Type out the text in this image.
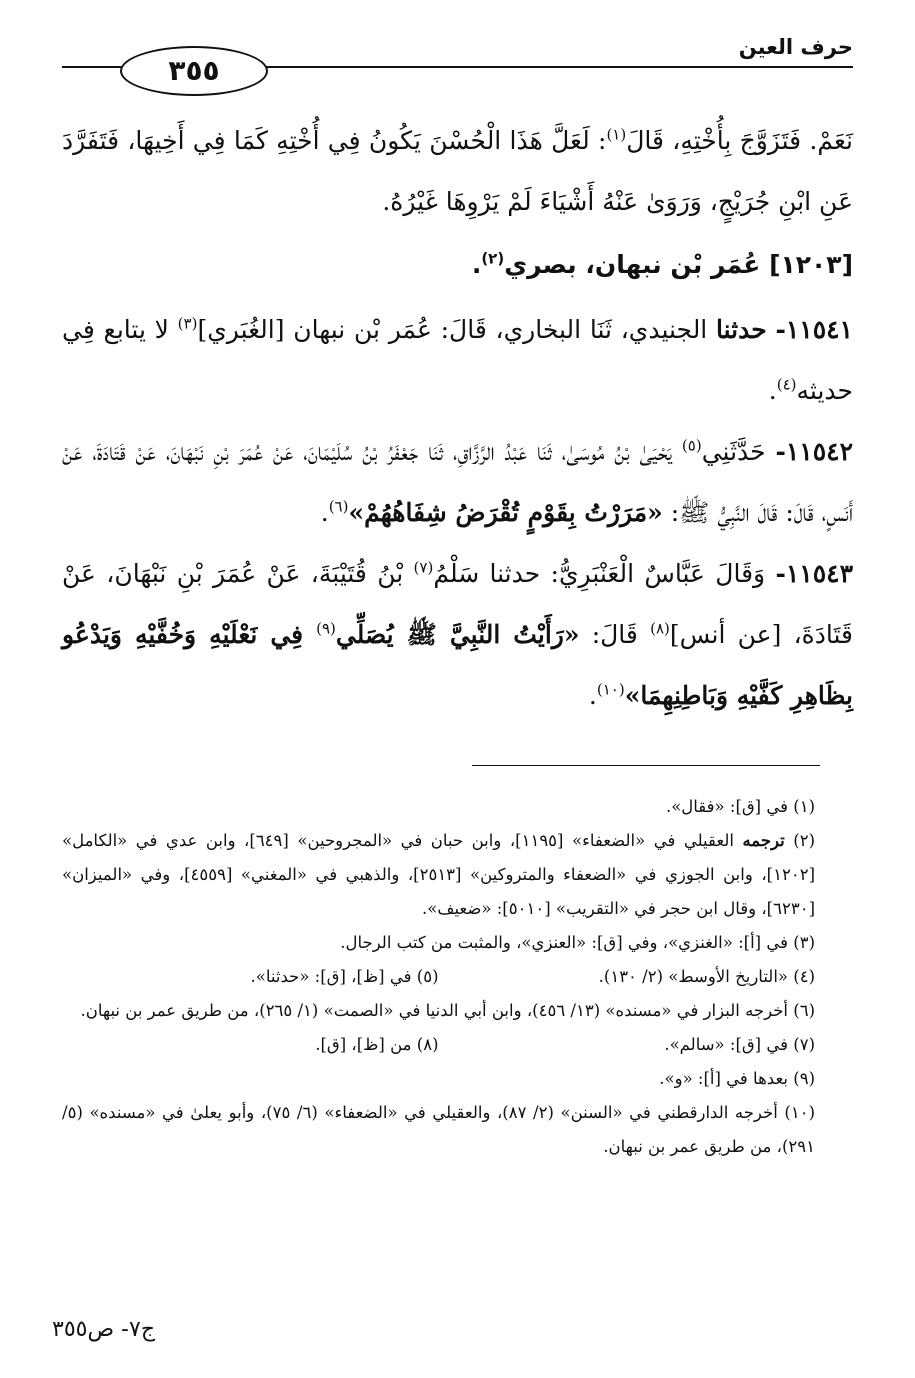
٣٥٥
حرف العين

نَعَمْ. فَتَزَوَّجَ بِأُخْتِهِ، قَالَ$^{(١)}$: لَعَلَّ هَذَا الْحُسْنَ يَكُونُ فِي أُخْتِهِ كَمَا فِي أَخِيهَا، فَتَفَرَّدَ عَنِ ابْنِ جُرَيْجٍ، وَرَوَىٰ عَنْهُ أَشْيَاءَ لَمْ يَرْوِهَا غَيْرُهُ.

[١٢٠٣] عُمَر بْن نبهان، بصري$^{(٢)}$.

١١٥٤١- حدثنا الجنيدي، ثَنَا البخاري، قَالَ: عُمَر بْن نبهان [الغُبَري]$^{(٣)}$ لا يتابع فِي حديثه$^{(٤)}$.

١١٥٤٢- حَدَّثَنِي$^{(٥)}$ يَحْيَىٰ بْنُ مُوسَىٰ، ثَنَا عَبْدُ الرَّزَّاقِ، ثَنَا جَعْفَرُ بْنُ سُلَيْمَانَ، عَنْ عُمَرَ بْنِ نَبْهَانَ، عَنْ قَتَادَةَ، عَنْ أَنَسٍ، قَالَ: قَالَ النَّبِيُّ ﷺ: «مَرَرْتُ بِقَوْمٍ تُقْرَضُ شِفَاهُهُمْ»$^{(٦)}$.

١١٥٤٣- وَقَالَ عَبَّاسٌ الْعَنْبَرِيُّ: حدثنا سَلْمُ$^{(٧)}$ بْنُ قُتَيْبَةَ، عَنْ عُمَرَ بْنِ نَبْهَانَ، عَنْ قَتَادَةَ، [عن أنس]$^{(٨)}$ قَالَ: «رَأَيْتُ النَّبِيَّ ﷺ يُصَلِّي$^{(٩)}$ فِي نَعْلَيْهِ وَخُفَّيْهِ وَيَدْعُو بِظَاهِرِ كَفَّيْهِ وَبَاطِنِهِمَا»$^{(١٠)}$.

(١) في [ق]: «فقال».
(٢) ترجمه العقيلي في «الضعفاء» [١١٩٥]، وابن حبان في «المجروحين» [٦٤٩]، وابن عدي في «الكامل» [١٢٠٢]، وابن الجوزي في «الضعفاء والمتروكين» [٢٥١٣]، والذهبي في «المغني» [٤٥٥٩]، وفي «الميزان» [٦٢٣٠]، وقال ابن حجر في «التقريب» [٥٠١٠]: «ضعيف».
(٣) في [أ]: «الغنزي»، وفي [ق]: «العنزي»، والمثبت من كتب الرجال.
(٤) «التاريخ الأوسط» (٢/ ١٣٠).
(٥) في [ظ]، [ق]: «حدثنا».
(٦) أخرجه البزار في «مسنده» (١٣/ ٤٥٦)، وابن أبي الدنيا في «الصمت» (١/ ٢٦٥)، من طريق عمر بن نبهان.
(٧) في [ق]: «سالم».
(٨) من [ظ]، [ق].
(٩) بعدها في [أ]: «و».
(١٠) أخرجه الدارقطني في «السنن» (٢/ ٨٧)، والعقيلي في «الضعفاء» (٦/ ٧٥)، وأبو يعلىٰ في «مسنده» (٥/ ٢٩١)، من طريق عمر بن نبهان.
ج٧- ص٣٥٥
